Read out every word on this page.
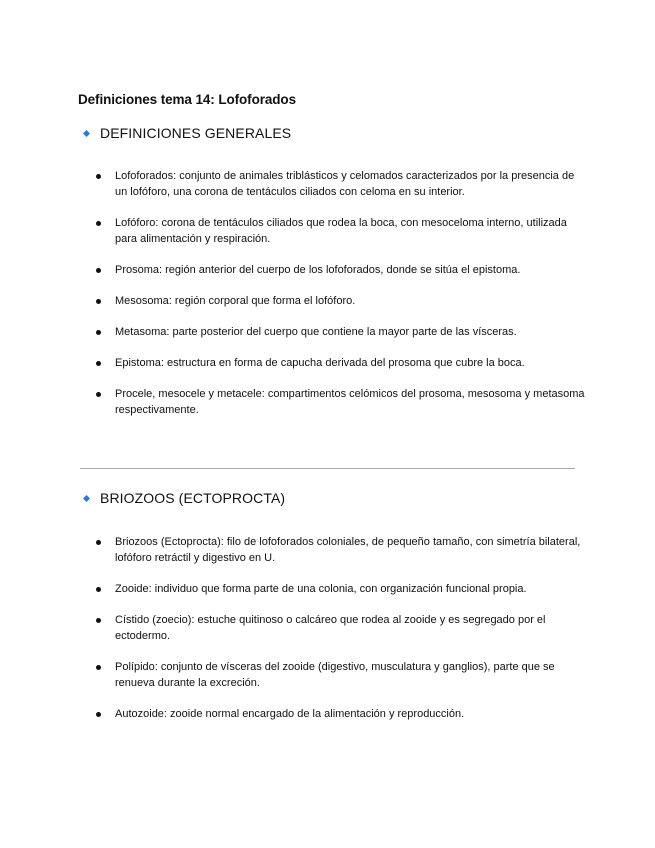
Definiciones tema 14: Lofoforados
DEFINICIONES GENERALES
Lofoforados: conjunto de animales triblásticos y celomados caracterizados por la presencia de un lofóforo, una corona de tentáculos ciliados con celoma en su interior.
Lofóforo: corona de tentáculos ciliados que rodea la boca, con mesoceloma interno, utilizada para alimentación y respiración.
Prosoma: región anterior del cuerpo de los lofoforados, donde se sitúa el epistoma.
Mesosoma: región corporal que forma el lofóforo.
Metasoma: parte posterior del cuerpo que contiene la mayor parte de las vísceras.
Epistoma: estructura en forma de capucha derivada del prosoma que cubre la boca.
Procele, mesocele y metacele: compartimentos celómicos del prosoma, mesosoma y metasoma respectivamente.
BRIOZOOS (ECTOPROCTA)
Briozoos (Ectoprocta): filo de lofoforados coloniales, de pequeño tamaño, con simetría bilateral, lofóforo retráctil y digestivo en U.
Zooide: individuo que forma parte de una colonia, con organización funcional propia.
Cístido (zoecio): estuche quitinoso o calcáreo que rodea al zooide y es segregado por el ectodermo.
Polípido: conjunto de vísceras del zooide (digestivo, musculatura y ganglios), parte que se renueva durante la excreción.
Autozoide: zooide normal encargado de la alimentación y reproducción.
